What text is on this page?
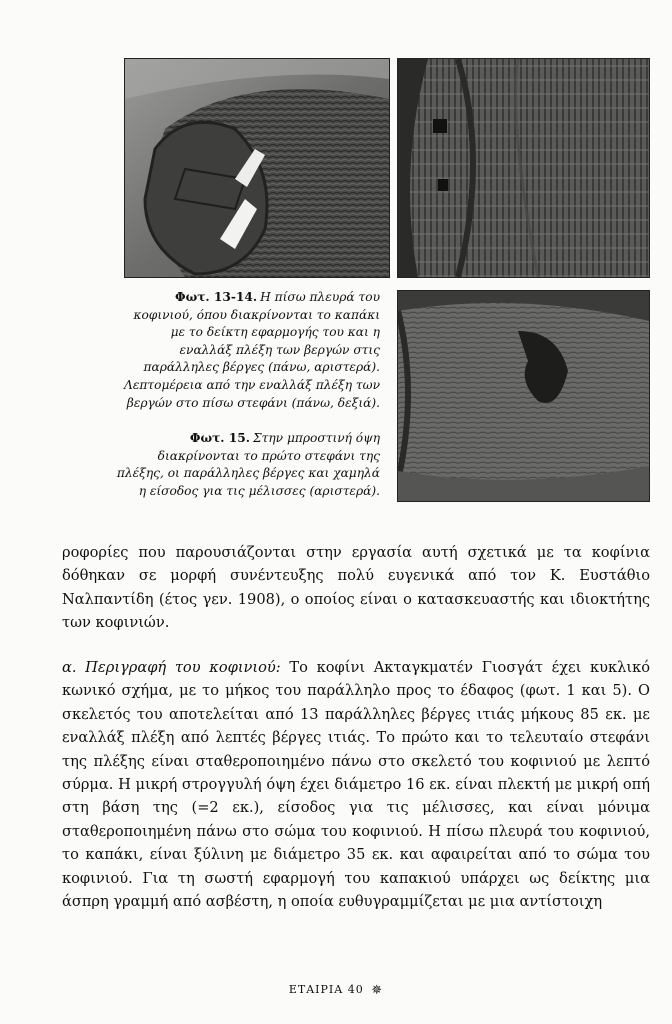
Φωτ. 13-14. Η πίσω πλευρά του κοφινιού, όπου διακρίνονται το καπάκι με το δείκτη εφαρμογής του και η εναλλάξ πλέξη των βεργών στις παράλληλες βέργες (πάνω, αριστερά). Λεπτομέρεια από την εναλλάξ πλέξη των βεργών στο πίσω στεφάνι (πάνω, δεξιά).
Φωτ. 15. Στην μπροστινή όψη διακρίνονται το πρώτο στεφάνι της πλέξης, οι παράλληλες βέργες και χαμηλά η είσοδος για τις μέλισσες (αριστερά).

ροφορίες που παρουσιάζονται στην εργασία αυτή σχετικά με τα κοφίνια δόθηκαν σε μορφή συνέντευξης πολύ ευγενικά από τον Κ. Ευστάθιο Ναλπαντίδη (έτος γεν. 1908), ο οποίος είναι ο κατασκευαστής και ιδιοκτήτης των κοφινιών.

α. Περιγραφή του κοφινιού: Το κοφίνι Ακταγκματέν Γιοσγάτ έχει κυκλικό κωνικό σχήμα, με το μήκος του παράλληλο προς το έδαφος (φωτ. 1 και 5). Ο σκελετός του αποτελείται από 13 παράλληλες βέργες ιτιάς μήκους 85 εκ. με εναλλάξ πλέξη από λεπτές βέργες ιτιάς. Το πρώτο και το τελευταίο στεφάνι της πλέξης είναι σταθεροποιημένο πάνω στο σκελετό του κοφινιού με λεπτό σύρμα. Η μικρή στρογγυλή όψη έχει διάμετρο 16 εκ. είναι πλεκτή με μικρή οπή στη βάση της (=2 εκ.), είσοδος για τις μέλισσες, και είναι μόνιμα σταθεροποιημένη πάνω στο σώμα του κοφινιού. Η πίσω πλευρά του κοφινιού, το καπάκι, είναι ξύλινη με διάμετρο 35 εκ. και αφαιρείται από το σώμα του κοφινιού. Για τη σωστή εφαρμογή του καπακιού υπάρχει ως δείκτης μια άσπρη γραμμή από ασβέστη, η οποία ευθυγραμμίζεται με μια αντίστοιχη

ΕΤΑΙΡΙΑ 40 ✵
